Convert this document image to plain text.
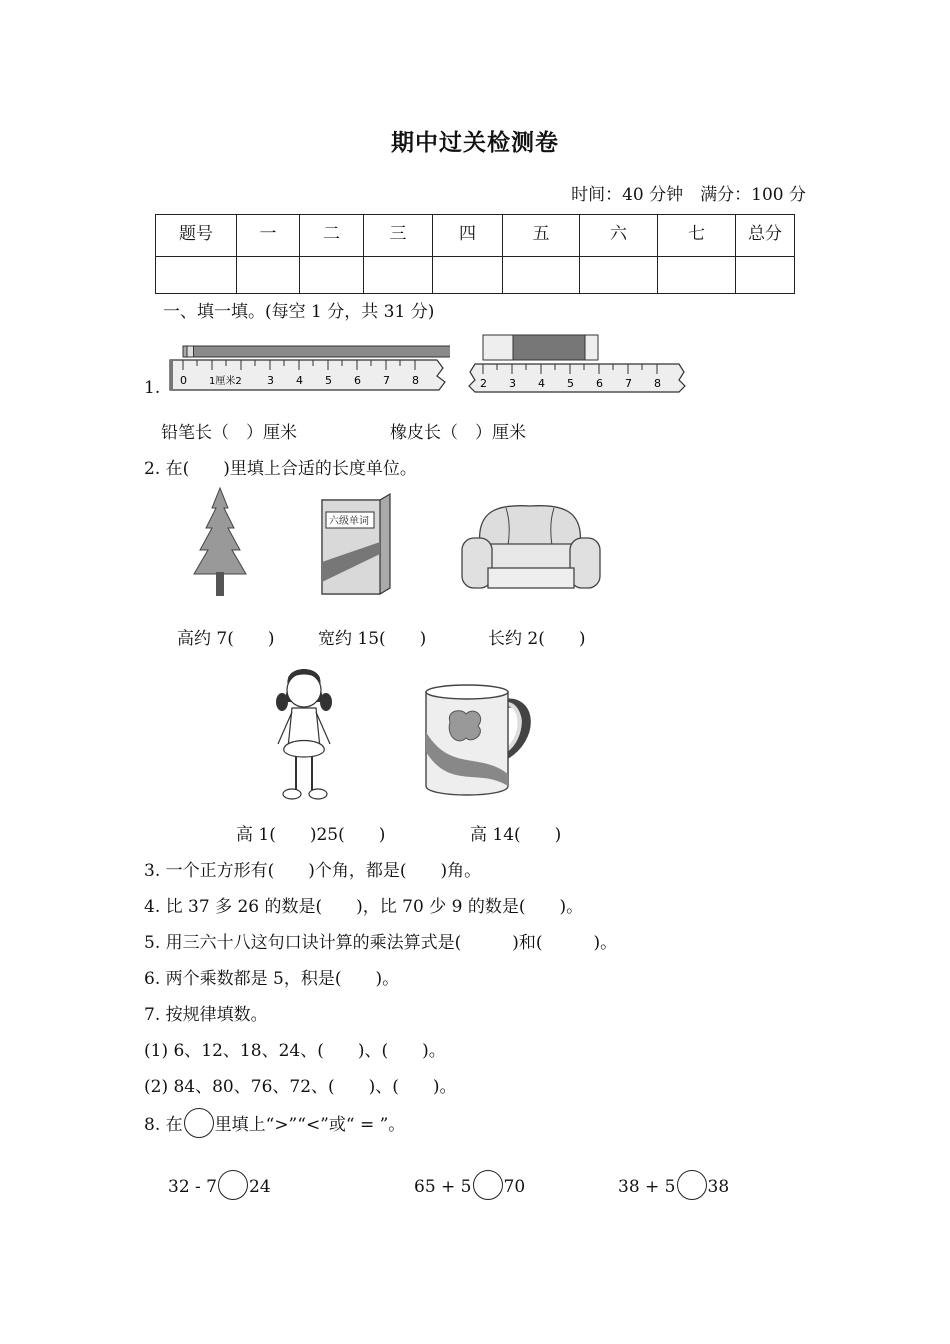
期中过关检测卷
时间：40 分钟　满分：100 分
题号	一	二	三	四	五	六	七	总分

一、填一填。(每空 1 分，共 31 分)
1. 0 1厘米2 3 4 5 6 7 8	2 3 4 5 6 7 8
铅笔长（　）厘米	橡皮长（　）厘米
2. 在(　　)里填上合适的长度单位。
六级单词
高约 7(　　)	宽约 15(　　)	长约 2(　　)
高 1(　　)25(　　)	高 14(　　)
3. 一个正方形有(　　)个角，都是(　　)角。
4. 比 37 多 26 的数是(　　)，比 70 少 9 的数是(　　)。
5. 用三六十八这句口诀计算的乘法算式是(　　　)和(　　　)。
6. 两个乘数都是 5，积是(　　)。
7. 按规律填数。
(1) 6、12、18、24、(　　)、(　　)。
(2) 84、80、76、72、(　　)、(　　)。
8. 在 里填上“>”“<”或“ = ”。
32 - 7 24	65 + 5 70	38 + 5 38
